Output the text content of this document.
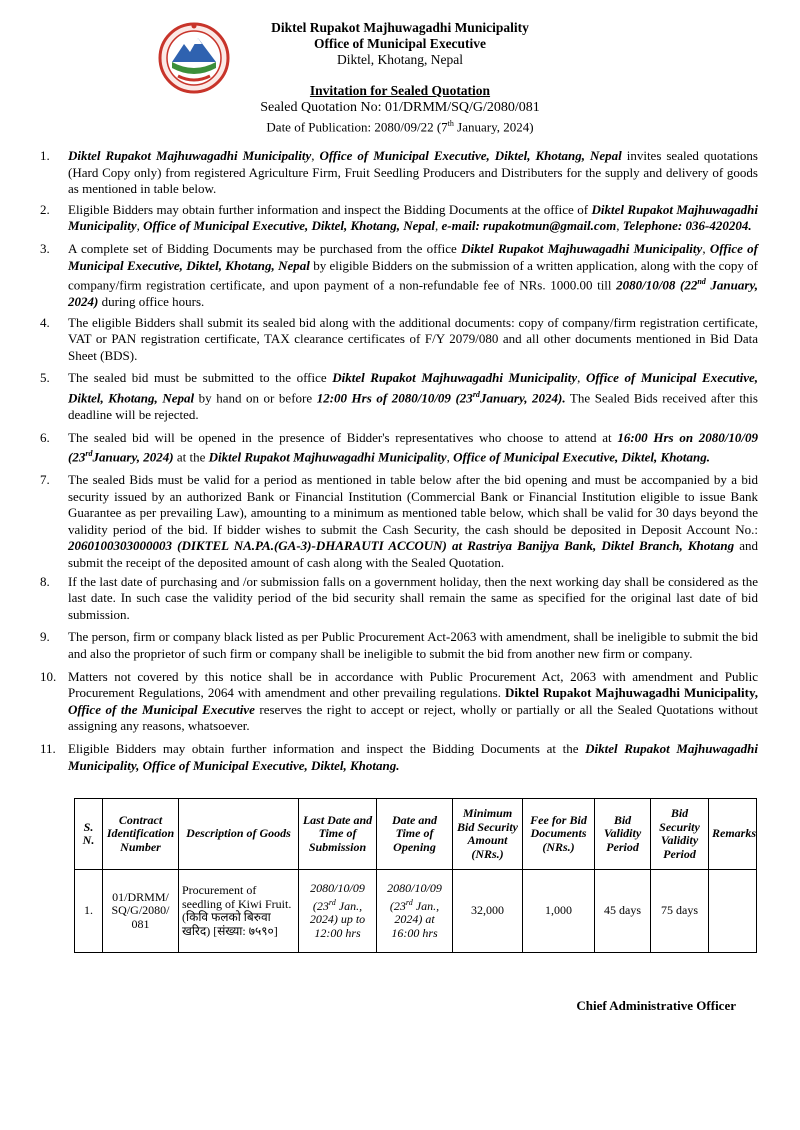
Diktel Rupakot Majhuwagadhi Municipality
Office of Municipal Executive
Diktel, Khotang, Nepal
Invitation for Sealed Quotation
Sealed Quotation No: 01/DRMM/SQ/G/2080/081
Date of Publication: 2080/09/22 (7th January, 2024)
1.	Diktel Rupakot Majhuwagadhi Municipality, Office of Municipal Executive, Diktel, Khotang, Nepal invites sealed quotations (Hard Copy only) from registered Agriculture Firm, Fruit Seedling Producers and Distributers for the supply and delivery of goods as mentioned in table below.
2.	Eligible Bidders may obtain further information and inspect the Bidding Documents at the office of Diktel Rupakot Majhuwagadhi Municipality, Office of Municipal Executive, Diktel, Khotang, Nepal, e-mail: rupakotmun@gmail.com, Telephone: 036-420204.
3.	A complete set of Bidding Documents may be purchased from the office Diktel Rupakot Majhuwagadhi Municipality, Office of Municipal Executive, Diktel, Khotang, Nepal by eligible Bidders on the submission of a written application, along with the copy of company/firm registration certificate, and upon payment of a non-refundable fee of NRs. 1000.00 till 2080/10/08 (22nd January, 2024) during office hours.
4.	The eligible Bidders shall submit its sealed bid along with the additional documents: copy of company/firm registration certificate, VAT or PAN registration certificate, TAX clearance certificates of F/Y 2079/080 and all other documents mentioned in Bid Data Sheet (BDS).
5.	The sealed bid must be submitted to the office Diktel Rupakot Majhuwagadhi Municipality, Office of Municipal Executive, Diktel, Khotang, Nepal by hand on or before 12:00 Hrs of 2080/10/09 (23rdJanuary, 2024). The Sealed Bids received after this deadline will be rejected.
6.	The sealed bid will be opened in the presence of Bidder's representatives who choose to attend at 16:00 Hrs on 2080/10/09 (23rdJanuary, 2024) at the Diktel Rupakot Majhuwagadhi Municipality, Office of Municipal Executive, Diktel, Khotang.
7.	The sealed Bids must be valid for a period as mentioned in table below after the bid opening and must be accompanied by a bid security issued by an authorized Bank or Financial Institution (Commercial Bank or Financial Institution eligible to issue Bank Guarantee as per prevailing Law), amounting to a minimum as mentioned table below, which shall be valid for 30 days beyond the validity period of the bid. If bidder wishes to submit the Cash Security, the cash should be deposited in Deposit Account No.: 2060100303000003 (DIKTEL NA.PA.(GA-3)-DHARAUTI ACCOUN) at Rastriya Banijya Bank, Diktel Branch, Khotang and submit the receipt of the deposited amount of cash along with the Sealed Quotation.
8.	If the last date of purchasing and /or submission falls on a government holiday, then the next working day shall be considered as the last date. In such case the validity period of the bid security shall remain the same as specified for the original last date of bid submission.
9.	The person, firm or company black listed as per Public Procurement Act-2063 with amendment, shall be ineligible to submit the bid and also the proprietor of such firm or company shall be ineligible to submit the bid from another new firm or company.
10. Matters not covered by this notice shall be in accordance with Public Procurement Act, 2063 with amendment and Public Procurement Regulations, 2064 with amendment and other prevailing regulations. Diktel Rupakot Majhuwagadhi Municipality, Office of the Municipal Executive reserves the right to accept or reject, wholly or partially or all the Sealed Quotations without assigning any reasons, whatsoever.
11. Eligible Bidders may obtain further information and inspect the Bidding Documents at the Diktel Rupakot Majhuwagadhi Municipality, Office of Municipal Executive, Diktel, Khotang.
S. N.	Contract Identification Number	Description of Goods	Last Date and Time of Submission	Date and Time of Opening	Minimum Bid Security Amount (NRs.)	Fee for Bid Documents (NRs.)	Bid Validity Period	Bid Security Validity Period	Remarks
1.	01/DRMM/ SQ/G/2080/ 081	Procurement of seedling of Kiwi Fruit. (किवि फलको बिरुवा खरिद) [संख्या: ७५९०]	2080/10/09 (23rd Jan., 2024) up to 12:00 hrs	2080/10/09 (23rd Jan., 2024) at 16:00 hrs	32,000	1,000	45 days	75 days	
Chief Administrative Officer
